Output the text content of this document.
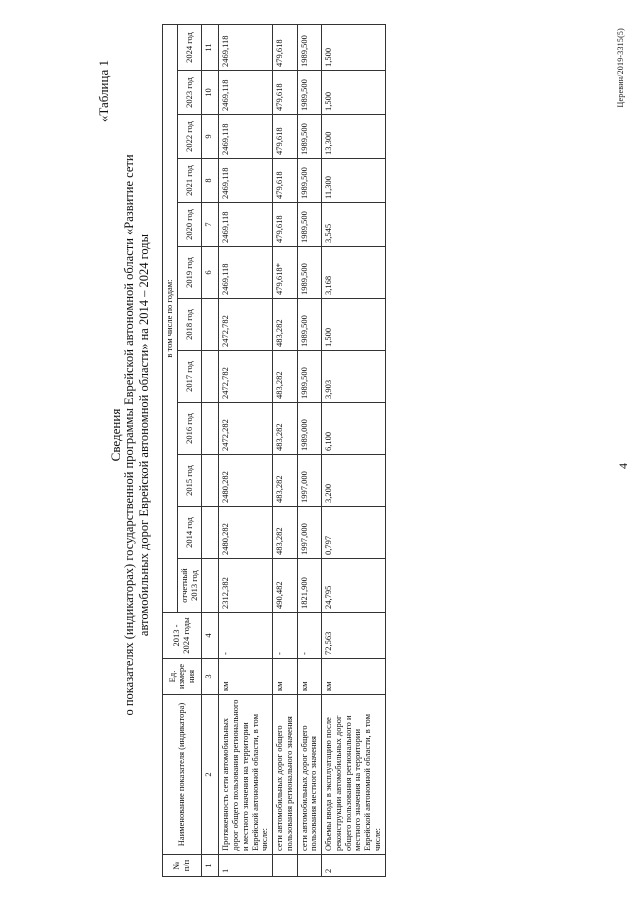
4
«Таблица 1
Сведения о показателях (индикаторах) государственной программы Еврейской автономной области «Развитие сети автомобильных дорог Еврейской автономной области» на 2014 – 2024 годы
№ п/п	Наименование показателя (индикатора)	Ед. измере ния	2013 - 2024 годы	в том числе по годам:											
				отчетный 2013 год	2014 год	2015 год	2016 год	2017 год	2018 год	2019 год	2020 год	2021 год	2022 год	2023 год	2024 год
1	2	3	4							6	7	8	9	10	11
1	Протяженность сети автомобильных дорог общего пользования регионального и местного значения на территории Еврейской автономной области, в том числе:	км	-	2312,382	2480,282	2480,282	2472,282	2472,782	2472,782	2469,118	2469,118	2469,118	2469,118	2469,118	2469,118
	сети автомобильных дорог общего пользования регионального значения	км	-	490,482	483,282	483,282	483,282	483,282	483,282	479,618*	479,618	479,618	479,618	479,618	479,618
	сети автомобильных дорог общего пользования местного значения	км	-	1821,900	1997,000	1997,000	1989,000	1989,500	1989,500	1989,500	1989,500	1989,500	1989,500	1989,500	1989,500
2	Объемы ввода в эксплуатацию после реконструкции автомобильных дорог общего пользования регионального и местного значения на территории Еврейской автономной области, в том числе:	км	72,563	24,795	0,797	3,200	6,100	3,903	1,500	3,168	3,545	11,300	13,300	1,500	1,500	Церевин/2019-3315(5)
